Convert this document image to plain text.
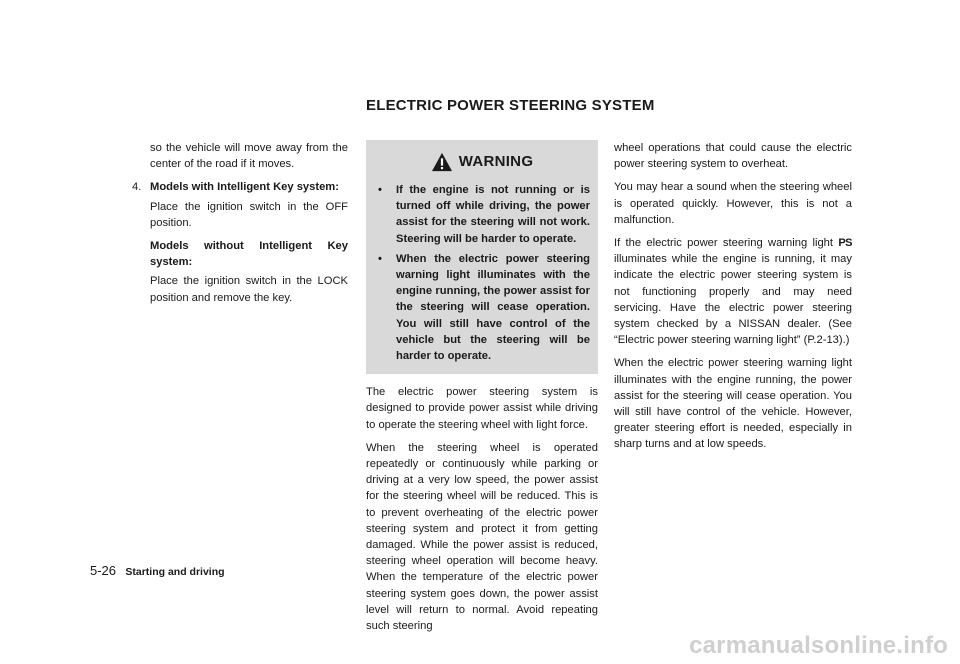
ELECTRIC POWER STEERING SYSTEM

so the vehicle will move away from the center of the road if it moves.

4. Models with Intelligent Key system:

Place the ignition switch in the OFF position.

Models without Intelligent Key system:

Place the ignition switch in the LOCK position and remove the key.

WARNING
• If the engine is not running or is turned off while driving, the power assist for the steering will not work. Steering will be harder to operate.
• When the electric power steering warning light illuminates with the engine running, the power assist for the steering will cease operation. You will still have control of the vehicle but the steering will be harder to operate.

The electric power steering system is designed to provide power assist while driving to operate the steering wheel with light force.

When the steering wheel is operated repeatedly or continuously while parking or driving at a very low speed, the power assist for the steering wheel will be reduced. This is to prevent overheating of the electric power steering system and protect it from getting damaged. While the power assist is reduced, steering wheel operation will become heavy. When the temperature of the electric power steering system goes down, the power assist level will return to normal. Avoid repeating such steering

wheel operations that could cause the electric power steering system to overheat.

You may hear a sound when the steering wheel is operated quickly. However, this is not a malfunction.

If the electric power steering warning light PS illuminates while the engine is running, it may indicate the electric power steering system is not functioning properly and may need servicing. Have the electric power steering system checked by a NISSAN dealer. (See “Electric power steering warning light” (P.2-13).)

When the electric power steering warning light illuminates with the engine running, the power assist for the steering will cease operation. You will still have control of the vehicle. However, greater steering effort is needed, especially in sharp turns and at low speeds.

5-26 Starting and driving
carmanualsonline.info
